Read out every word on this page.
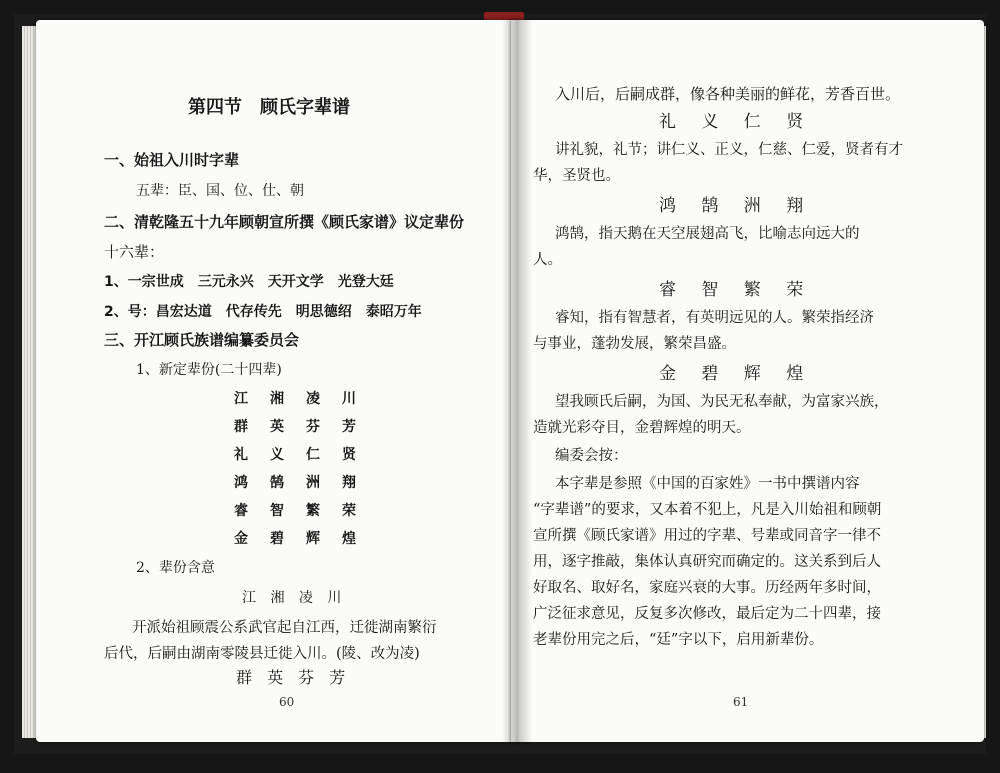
第四节　顾氏字辈谱
一、始祖入川时字辈
五辈：臣、国、位、仕、朝
二、清乾隆五十九年顾朝宣所撰《顾氏家谱》议定辈份
十六辈：
1、一宗世成　三元永兴　天开文学　光登大廷
2、号：昌宏达道　代存传先　明思德绍　泰昭万年
三、开江顾氏族谱编纂委员会
1、新定辈份(二十四辈)
江	湘	凌	川
群	英	芬	芳
礼	义	仁	贤
鸿	鹄	洲	翔
睿	智	繁	荣
金	碧	辉	煌
2、辈份含意
江 湘 凌 川
开派始祖顾震公系武官起自江西，迁徙湖南繁衍
后代，后嗣由湖南零陵县迁徙入川。(陵、改为凌)
群 英 芬 芳
60
入川后，后嗣成群，像各种美丽的鲜花，芳香百世。
礼 义 仁 贤
讲礼貌，礼节；讲仁义、正义，仁慈、仁爱，贤者有才
华，圣贤也。
鸿 鹄 洲 翔
鸿鹄，指天鹅在天空展翅高飞，比喻志向远大的
人。
睿 智 繁 荣
睿知，指有智慧者，有英明远见的人。繁荣指经济
与事业，蓬勃发展，繁荣昌盛。
金 碧 辉 煌
望我顾氏后嗣，为国、为民无私奉献，为富家兴族，
造就光彩夺目，金碧辉煌的明天。
编委会按：
本字辈是参照《中国的百家姓》一书中撰谱内容
“字辈谱”的要求，又本着不犯上，凡是入川始祖和顾朝
宣所撰《顾氏家谱》用过的字辈、号辈或同音字一律不
用，逐字推敲，集体认真研究而确定的。这关系到后人
好取名、取好名，家庭兴衰的大事。历经两年多时间，
广泛征求意见，反复多次修改，最后定为二十四辈，接
老辈份用完之后，“廷”字以下，启用新辈份。
61
